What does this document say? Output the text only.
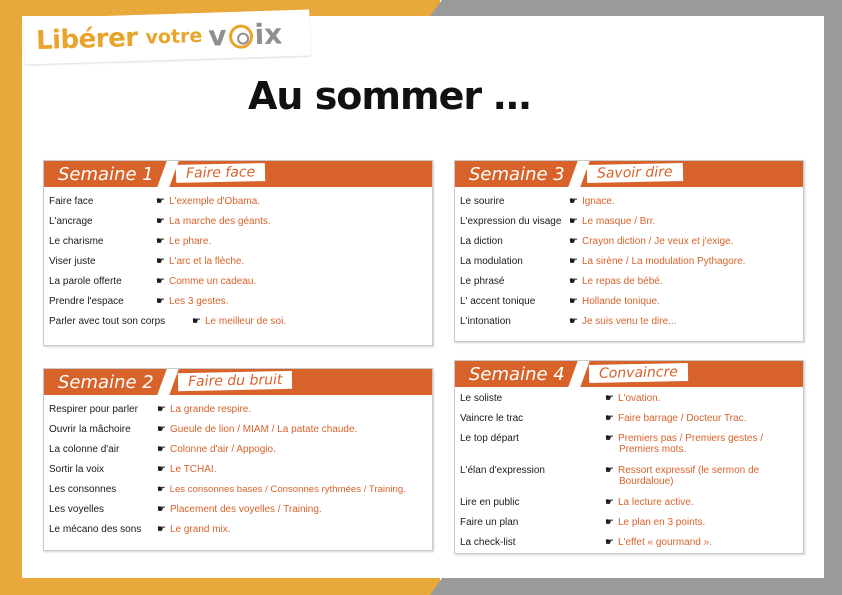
Libérer votre v ix
Au sommer …
Semaine 1	Faire face
Faire face	☛ L'exemple d'Obama.
L'ancrage	☛ La marche des géants.
Le charisme	☛ Le phare.
Viser juste	☛ L'arc et la flèche.
La parole offerte	☛ Comme un cadeau.
Prendre l'espace	☛ Les 3 gestes.
Parler avec tout son corps	☛ Le meilleur de soi.
Semaine 2	Faire du bruit
Respirer pour parler ☛ La grande respire.
Ouvrir la mâchoire	☛ Gueule de lion / MIAM / La patate chaude.
La colonne d'air	☛ Colonne d'air / Appogio.
Sortir la voix	☛ Le TCHAI.
Les consonnes	☛ Les consonnes bases / Consonnes rythmées / Training.
Les voyelles	☛ Placement des voyelles / Training.
Le mécano des sons ☛ Le grand mix.
Semaine 3	Savoir dire
Le sourire	☛ Ignace.
L'expression du visage ☛ Le masque / Brr.
La diction	☛ Crayon diction / Je veux et j'exige.
La modulation	☛ La sirène / La modulation Pythagore.
Le phrasé	☛ Le repas de bébé.
L' accent tonique	☛ Hollande tonique.
L'intonation	☛ Je suis venu te dire...
Semaine 4	Convaincre
Le soliste	☛ L'ovation.
Vaincre le trac	☛ Faire barrage / Docteur Trac.
Le top départ	☛ Premiers pas / Premiers gestes /
Premiers mots.
L'élan d'expression	☛ Ressort expressif (le sermon de
Bourdaloue)
Lire en public	☛ La lecture active.
Faire un plan	☛ Le plan en 3 points.
La check-list	☛ L'effet « gourmand ».
